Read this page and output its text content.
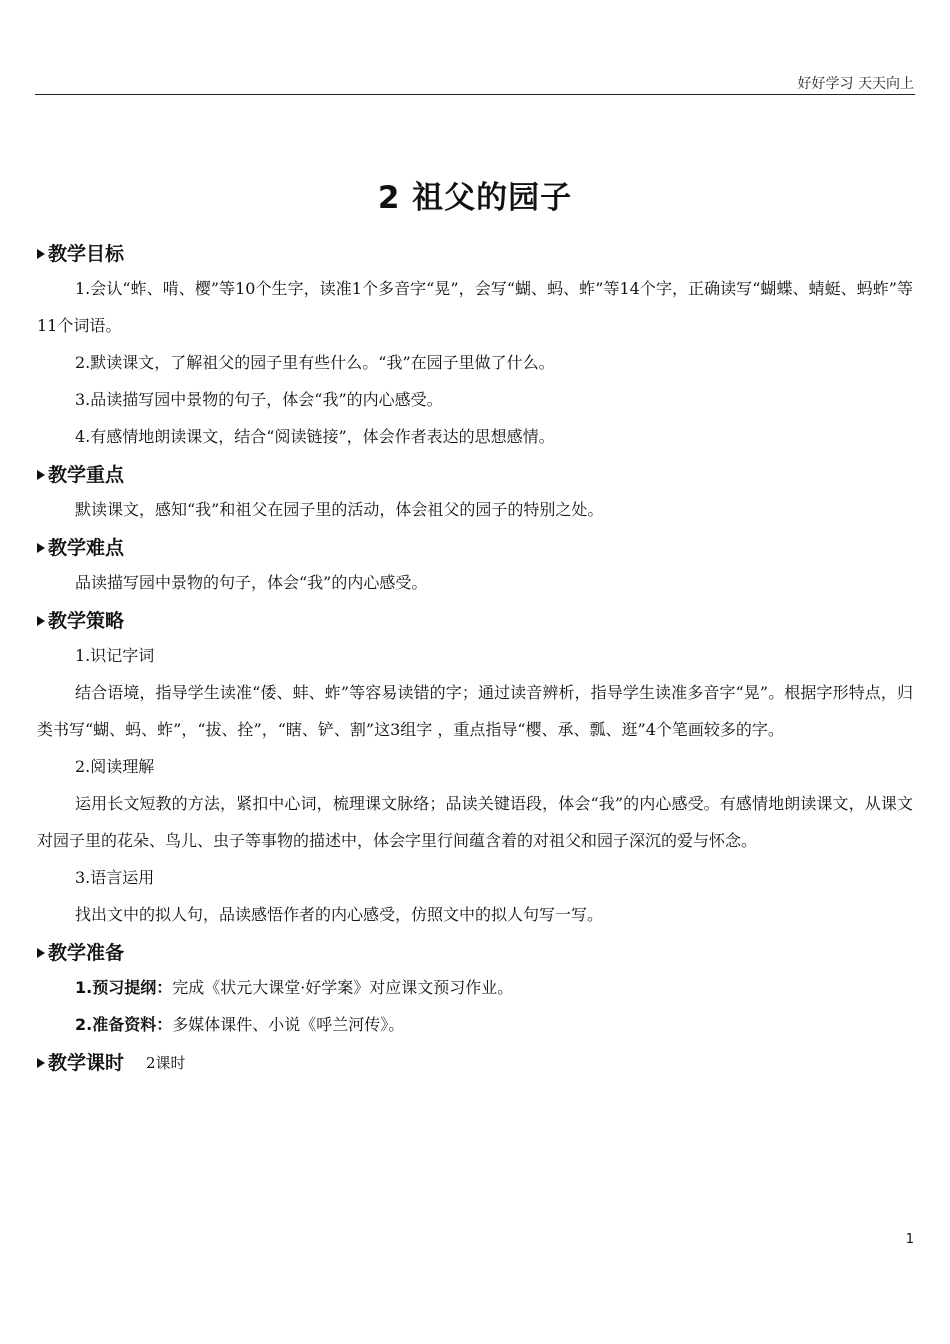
好好学习 天天向上
2 祖父的园子
教学目标

1.会认“蚱、啃、樱”等10个生字，读准1个多音字“晃”，会写“蝴、蚂、蚱”等14个字，正确读写“蝴蝶、蜻蜓、蚂蚱”等11个词语。

2.默读课文，了解祖父的园子里有些什么。“我”在园子里做了什么。

3.品读描写园中景物的句子，体会“我”的内心感受。

4.有感情地朗读课文，结合“阅读链接”，体会作者表达的思想感情。

教学重点

默读课文，感知“我”和祖父在园子里的活动，体会祖父的园子的特别之处。

教学难点

品读描写园中景物的句子，体会“我”的内心感受。

教学策略

1.识记字词

结合语境，指导学生读准“倭、蚌、蚱”等容易读错的字；通过读音辨析，指导学生读准多音字“晃”。根据字形特点，归类书写“蝴、蚂、蚱”，“拔、拴”，“瞎、铲、割”这3组字 ，重点指导“樱、承、瓢、逛”4个笔画较多的字。

2.阅读理解

运用长文短教的方法，紧扣中心词，梳理课文脉络；品读关键语段，体会“我”的内心感受。有感情地朗读课文，从课文对园子里的花朵、鸟儿、虫子等事物的描述中，体会字里行间蕴含着的对祖父和园子深沉的爱与怀念。

3.语言运用

找出文中的拟人句，品读感悟作者的内心感受，仿照文中的拟人句写一写。

教学准备

1.预习提纲：完成《状元大课堂·好学案》对应课文预习作业。

2.准备资料：多媒体课件、小说《呼兰河传》。

教学课时 2课时
1
